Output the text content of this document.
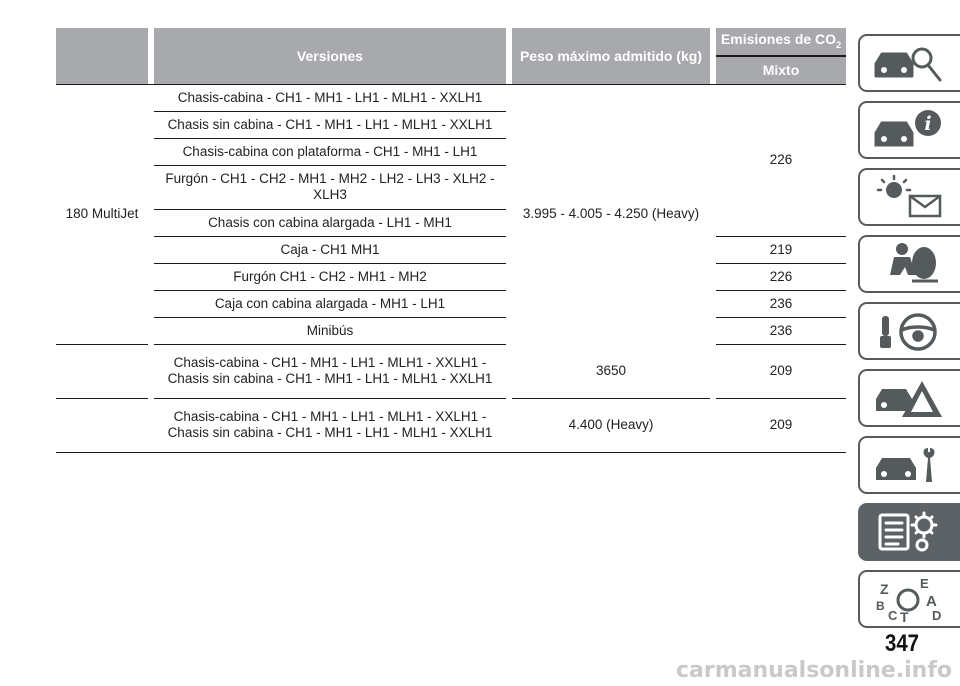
		Versiones		Peso máximo admitido (kg)		Emisiones de $CO_2$
						Mixto
180 MultiJet		Chasis-cabina - CH1 - MH1 - LH1 - MLH1 - XXLH1		3.995 - 4.005 - 4.250 (Heavy)		226
		Chasis sin cabina - CH1 - MH1 - LH1 - MLH1 - XXLH1				
		Chasis-cabina con plataforma - CH1 - MH1 - LH1				
		Furgón - CH1 - CH2 - MH1 - MH2 - LH2 - LH3 - XLH2 - XLH3				
		Chasis con cabina alargada - LH1 - MH1				
		Caja - CH1 MH1				219
		Furgón CH1 - CH2 - MH1 - MH2				226
		Caja con cabina alargada - MH1 - LH1				236
		Minibús				236
		Chasis-cabina - CH1 - MH1 - LH1 - MLH1 - XXLH1 -
Chasis sin cabina - CH1 - MH1 - LH1 - MLH1 - XXLH1		3650		209
		Chasis-cabina - CH1 - MH1 - LH1 - MLH1 - XXLH1 -
Chasis sin cabina - CH1 - MH1 - LH1 - MLH1 - XXLH1		4.400 (Heavy)		209
i
Z E
A
B
D
C T
347
carmanualsonline.info
